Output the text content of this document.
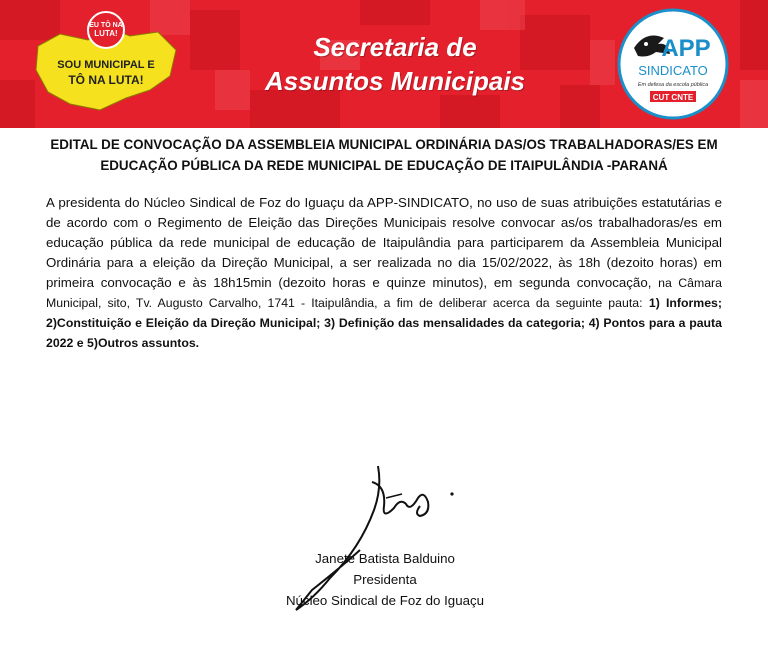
EU TÔ NA
LUTA!
SOU MUNICIPAL E
TÔ NA LUTA!
Secretaria de
Assuntos Municipais
APP
SINDICATO
Em defesa da escola pública
CUT CNTE
EDITAL DE CONVOCAÇÃO DA ASSEMBLEIA MUNICIPAL ORDINÁRIA DAS/OS TRABALHADORAS/ES EM
EDUCAÇÃO PÚBLICA DA REDE MUNICIPAL DE EDUCAÇÃO DE ITAIPULÂNDIA -PARANÁ

A presidenta do Núcleo Sindical de Foz do Iguaçu da APP-SINDICATO, no uso de suas atribuições estatutárias e de acordo com o Regimento de Eleição das Direções Municipais resolve convocar as/os trabalhadoras/es em educação pública da rede municipal de educação de Itaipulândia para participarem da Assembleia Municipal Ordinária para a eleição da Direção Municipal, a ser realizada no dia 15/02/2022, às 18h (dezoito horas) em primeira convocação e às 18h15min (dezoito horas e quinze minutos), em segunda convocação, na Câmara Municipal, sito, Tv. Augusto Carvalho, 1741 - Itaipulândia, a fim de deliberar acerca da seguinte pauta: 1) Informes; 2)Constituição e Eleição da Direção Municipal; 3) Definição das mensalidades da categoria; 4) Pontos para a pauta 2022 e 5)Outros assuntos.

Janete Batista Balduino
Presidenta
Núcleo Sindical de Foz do Iguaçu
